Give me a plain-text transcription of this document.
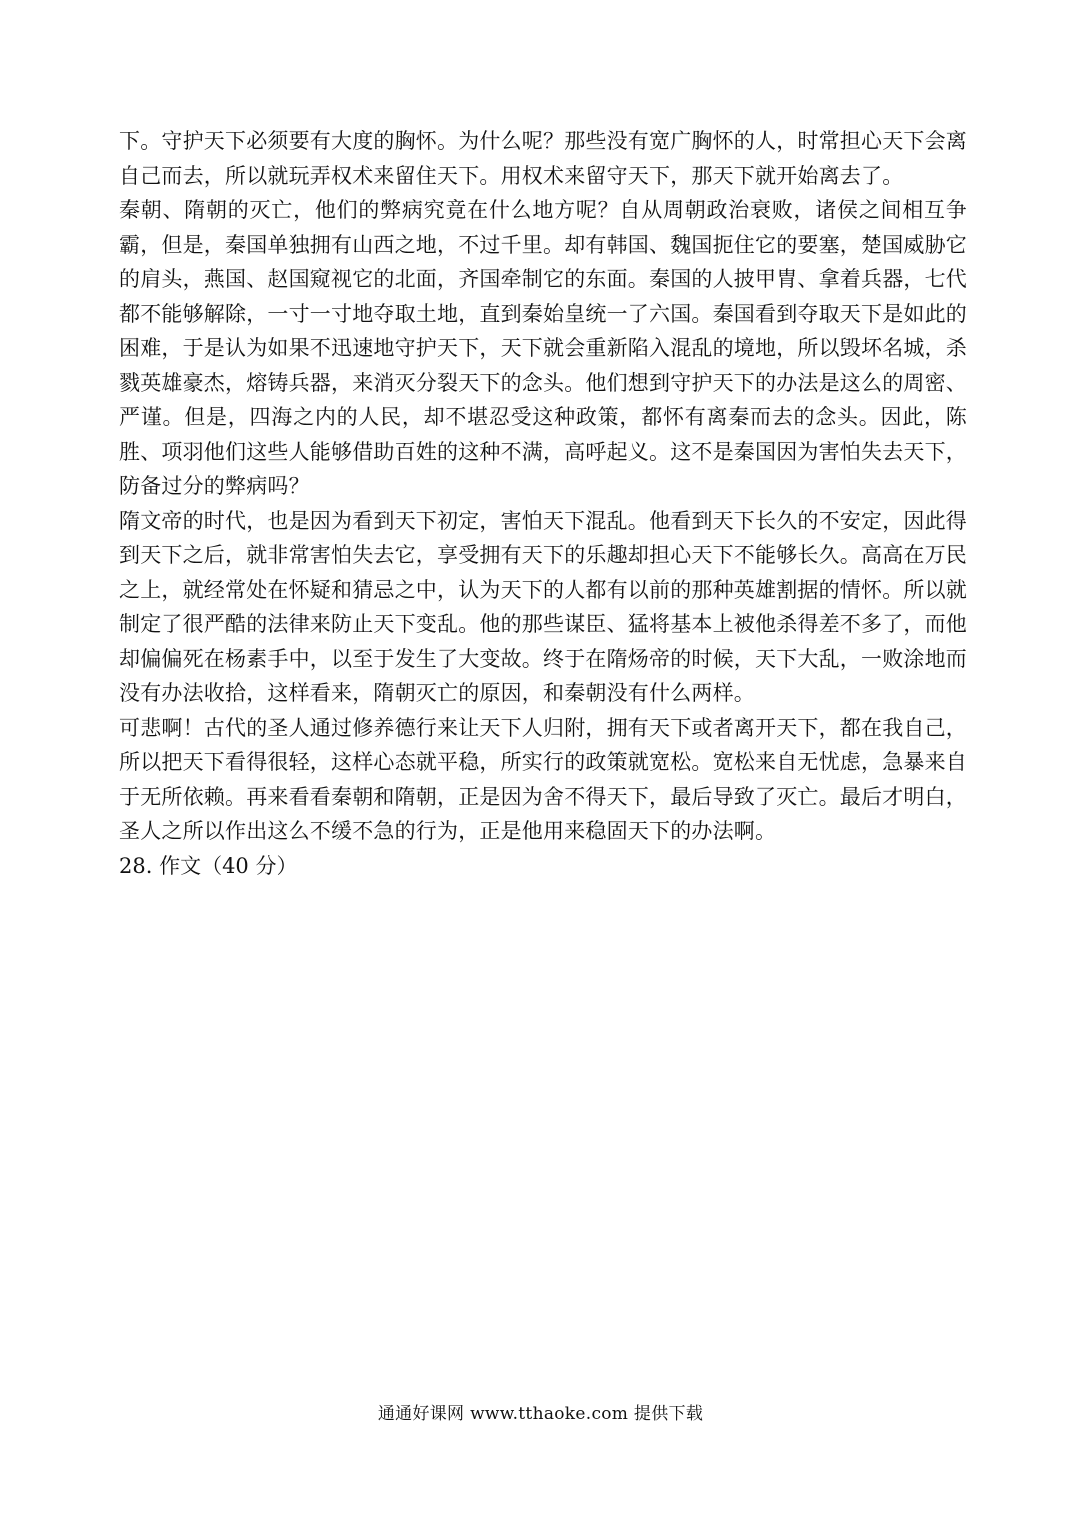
下。守护天下必须要有大度的胸怀。为什么呢？那些没有宽广胸怀的人，时常担心天下会离自己而去，所以就玩弄权术来留住天下。用权术来留守天下，那天下就开始离去了。

秦朝、隋朝的灭亡，他们的弊病究竟在什么地方呢？自从周朝政治衰败，诸侯之间相互争霸，但是，秦国单独拥有山西之地，不过千里。却有韩国、魏国扼住它的要塞，楚国威胁它的肩头，燕国、赵国窥视它的北面，齐国牵制它的东面。秦国的人披甲胄、拿着兵器，七代都不能够解除，一寸一寸地夺取土地，直到秦始皇统一了六国。秦国看到夺取天下是如此的困难，于是认为如果不迅速地守护天下，天下就会重新陷入混乱的境地，所以毁坏名城，杀戮英雄豪杰，熔铸兵器，来消灭分裂天下的念头。他们想到守护天下的办法是这么的周密、严谨。但是，四海之内的人民，却不堪忍受这种政策，都怀有离秦而去的念头。因此，陈胜、项羽他们这些人能够借助百姓的这种不满，高呼起义。这不是秦国因为害怕失去天下，防备过分的弊病吗？

隋文帝的时代，也是因为看到天下初定，害怕天下混乱。他看到天下长久的不安定，因此得到天下之后，就非常害怕失去它，享受拥有天下的乐趣却担心天下不能够长久。高高在万民之上，就经常处在怀疑和猜忌之中，认为天下的人都有以前的那种英雄割据的情怀。所以就制定了很严酷的法律来防止天下变乱。他的那些谋臣、猛将基本上被他杀得差不多了，而他却偏偏死在杨素手中，以至于发生了大变故。终于在隋炀帝的时候，天下大乱，一败涂地而没有办法收拾，这样看来，隋朝灭亡的原因，和秦朝没有什么两样。

可悲啊！古代的圣人通过修养德行来让天下人归附，拥有天下或者离开天下，都在我自己，所以把天下看得很轻，这样心态就平稳，所实行的政策就宽松。宽松来自无忧虑，急暴来自于无所依赖。再来看看秦朝和隋朝，正是因为舍不得天下，最后导致了灭亡。最后才明白，圣人之所以作出这么不缓不急的行为，正是他用来稳固天下的办法啊。

28. 作文（40 分）

通通好课网 www.tthaoke.com 提供下载
